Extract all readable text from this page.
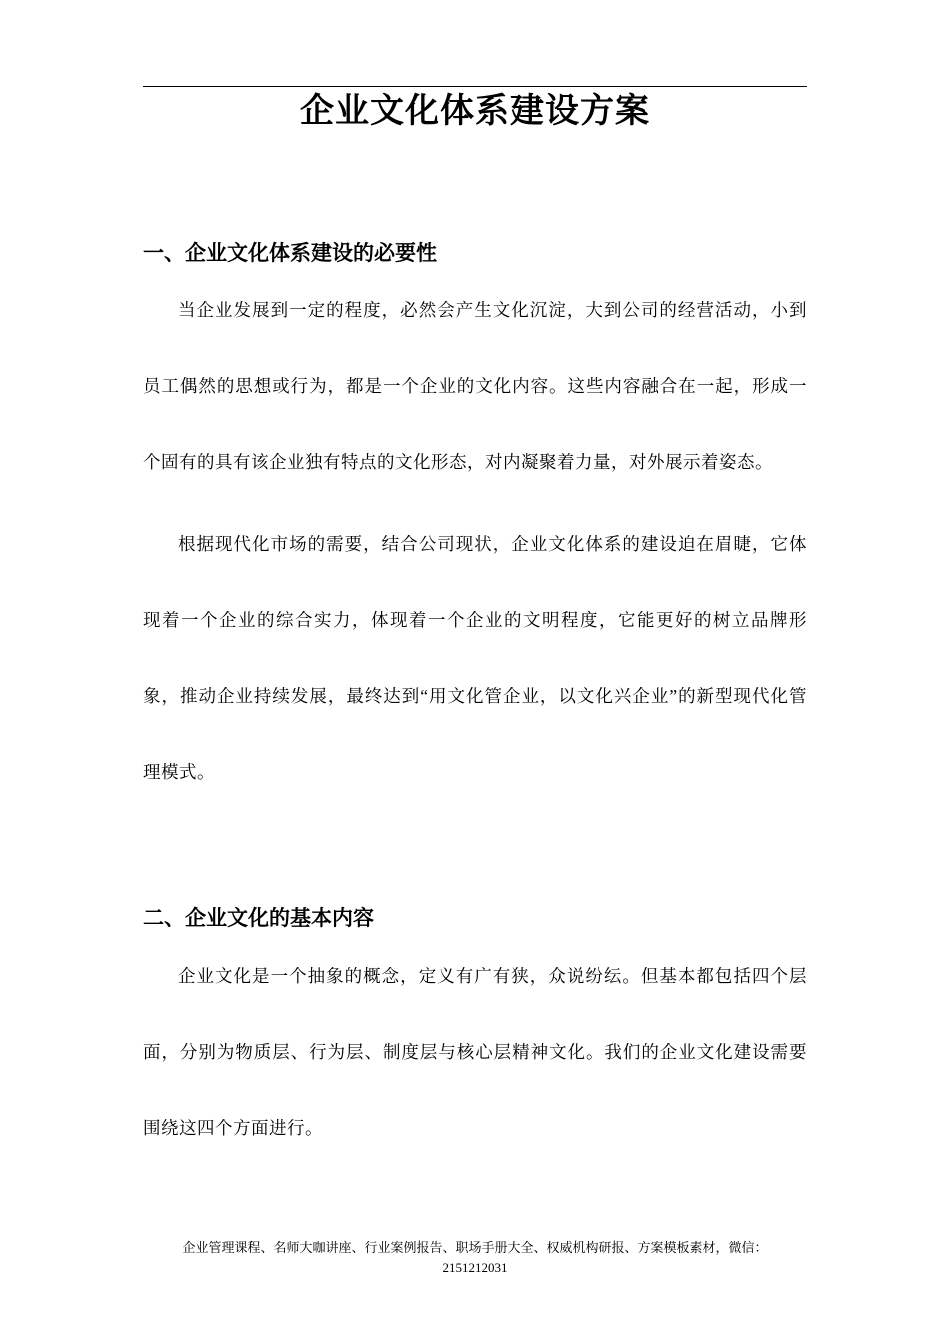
企业文化体系建设方案
一、企业文化体系建设的必要性

当企业发展到一定的程度，必然会产生文化沉淀，大到公司的经营活动，小到员工偶然的思想或行为，都是一个企业的文化内容。这些内容融合在一起，形成一个固有的具有该企业独有特点的文化形态，对内凝聚着力量，对外展示着姿态。

根据现代化市场的需要，结合公司现状，企业文化体系的建设迫在眉睫，它体现着一个企业的综合实力，体现着一个企业的文明程度，它能更好的树立品牌形象，推动企业持续发展，最终达到“用文化管企业，以文化兴企业”的新型现代化管理模式。

二、企业文化的基本内容

企业文化是一个抽象的概念，定义有广有狭，众说纷纭。但基本都包括四个层面，分别为物质层、行为层、制度层与核心层精神文化。我们的企业文化建设需要围绕这四个方面进行。

企业管理课程、名师大咖讲座、行业案例报告、职场手册大全、权威机构研报、方案模板素材，微信：
2151212031
